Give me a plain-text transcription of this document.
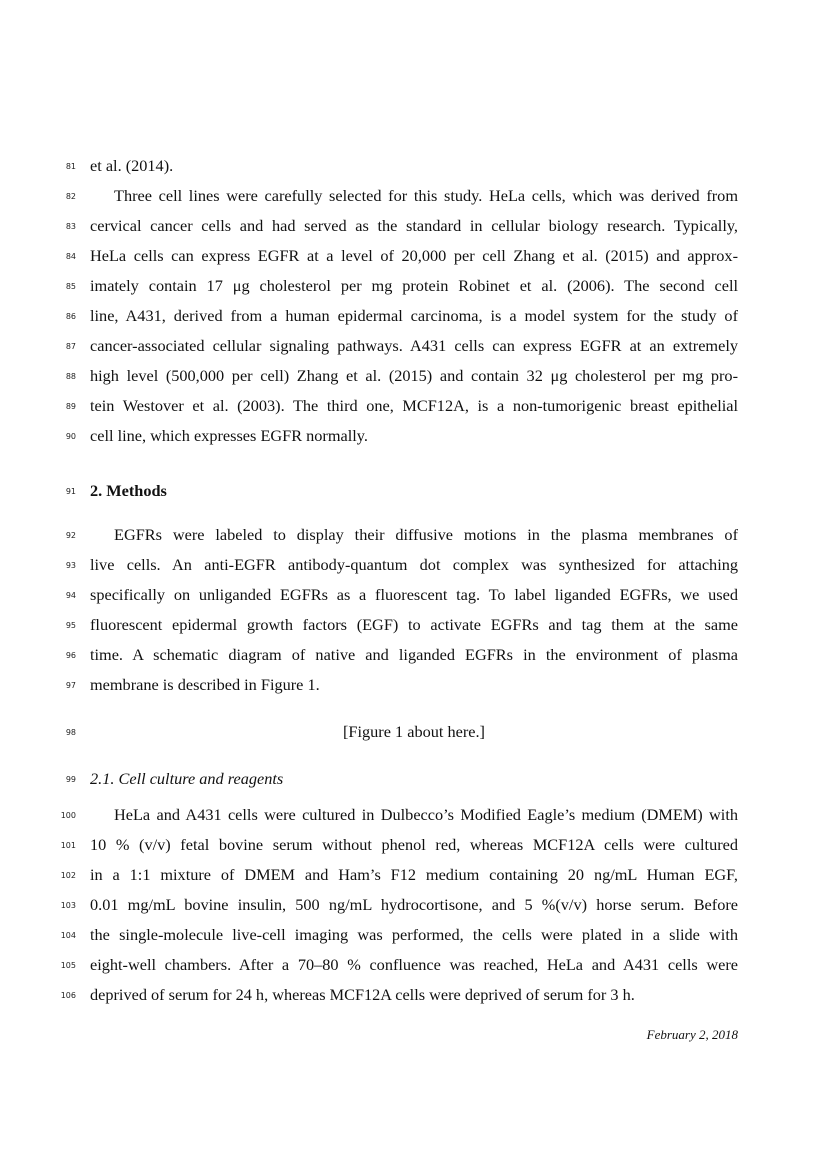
81 et al. (2014).
82	Three cell lines were carefully selected for this study. HeLa cells, which was derived from
83 cervical cancer cells and had served as the standard in cellular biology research. Typically,
84 HeLa cells can express EGFR at a level of 20,000 per cell Zhang et al. (2015) and approx-
85 imately contain 17 μg cholesterol per mg protein Robinet et al. (2006). The second cell
86 line, A431, derived from a human epidermal carcinoma, is a model system for the study of
87 cancer-associated cellular signaling pathways. A431 cells can express EGFR at an extremely
88 high level (500,000 per cell) Zhang et al. (2015) and contain 32 μg cholesterol per mg pro-
89 tein Westover et al. (2003). The third one, MCF12A, is a non-tumorigenic breast epithelial
90 cell line, which expresses EGFR normally.
91 2. Methods
92	EGFRs were labeled to display their diffusive motions in the plasma membranes of
93 live cells. An anti-EGFR antibody-quantum dot complex was synthesized for attaching
94 specifically on unliganded EGFRs as a fluorescent tag. To label liganded EGFRs, we used
95 fluorescent epidermal growth factors (EGF) to activate EGFRs and tag them at the same
96 time. A schematic diagram of native and liganded EGFRs in the environment of plasma
97 membrane is described in Figure 1.
98	[Figure 1 about here.]
99 2.1. Cell culture and reagents
100	HeLa and A431 cells were cultured in Dulbecco’s Modified Eagle’s medium (DMEM) with
101 10 % (v/v) fetal bovine serum without phenol red, whereas MCF12A cells were cultured
102 in a 1:1 mixture of DMEM and Ham’s F12 medium containing 20 ng/mL Human EGF,
103 0.01 mg/mL bovine insulin, 500 ng/mL hydrocortisone, and 5 %(v/v) horse serum. Before
104 the single-molecule live-cell imaging was performed, the cells were plated in a slide with
105 eight-well chambers. After a 70–80 % confluence was reached, HeLa and A431 cells were
106 deprived of serum for 24 h, whereas MCF12A cells were deprived of serum for 3 h.
February 2, 2018
